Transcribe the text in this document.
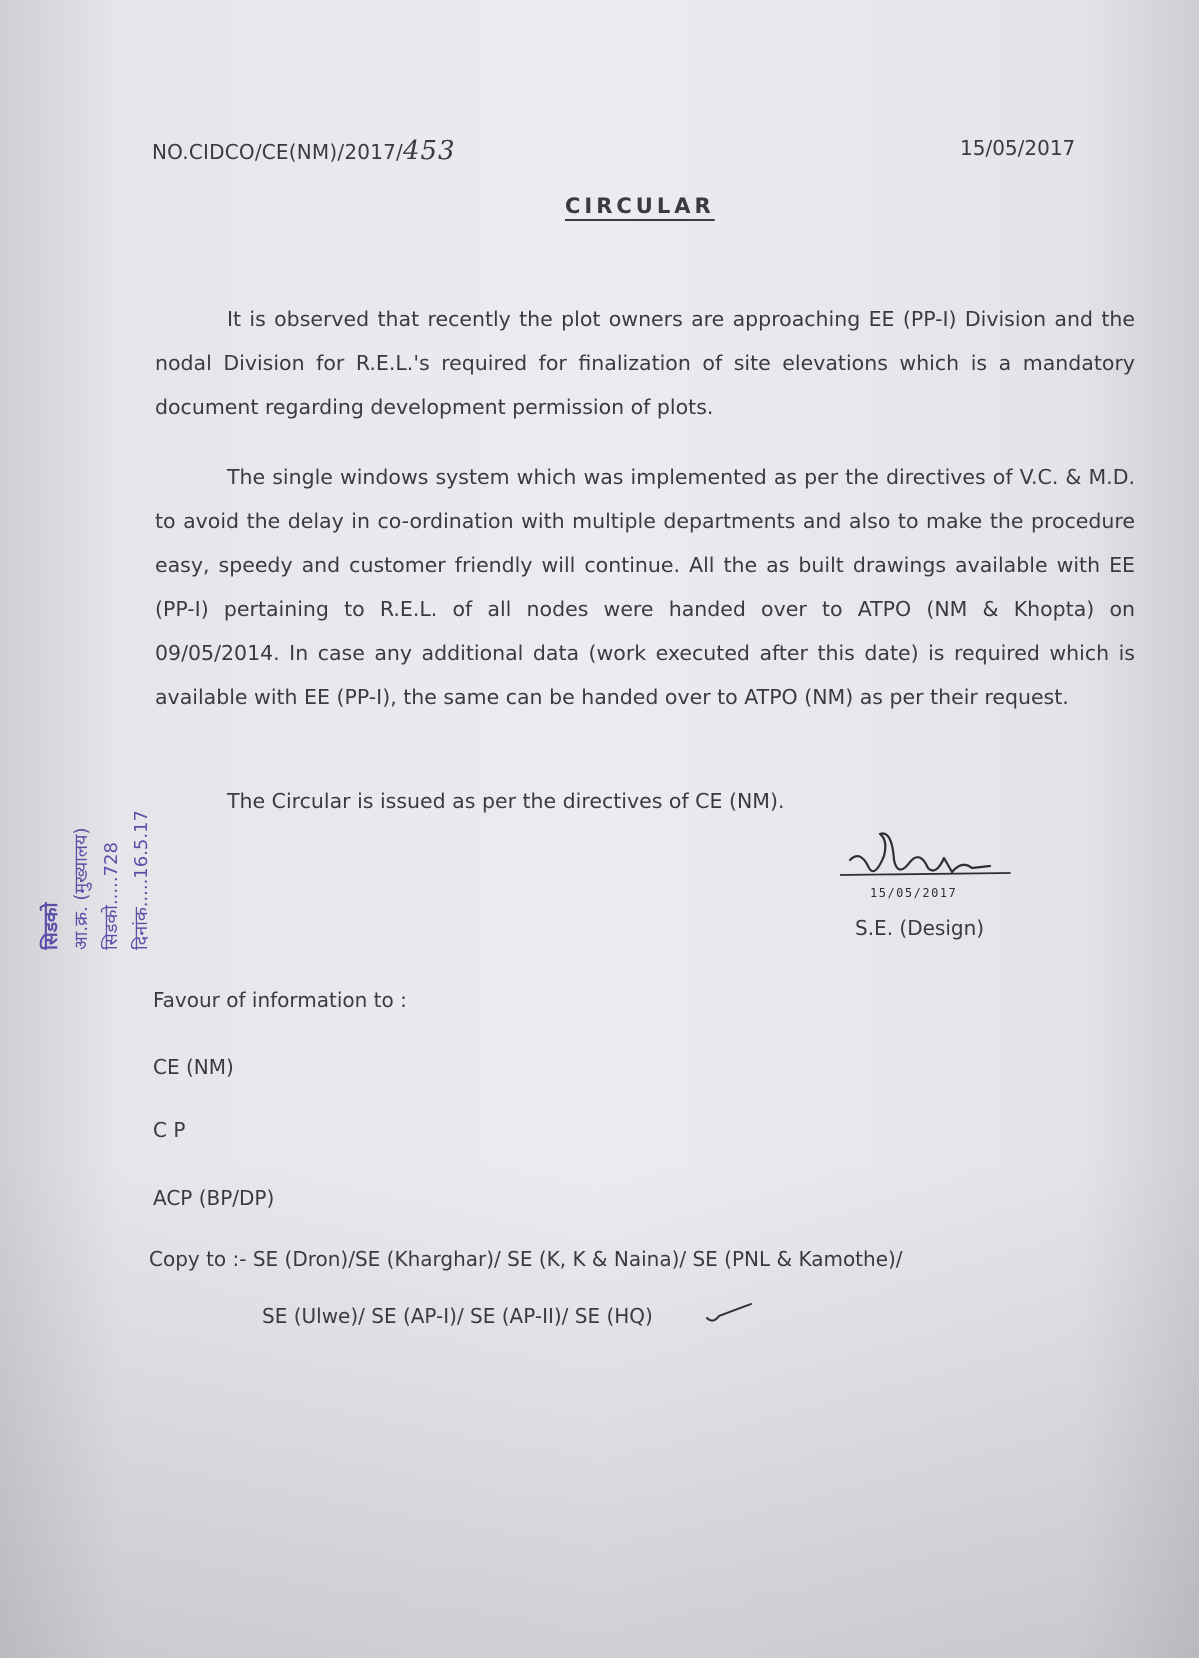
NO.CIDCO/CE(NM)/2017/453	15/05/2017
CIRCULAR

It is observed that recently the plot owners are approaching EE (PP-I) Division and the nodal Division for R.E.L.'s required for finalization of site elevations which is a mandatory document regarding development permission of plots.

The single windows system which was implemented as per the directives of V.C. & M.D. to avoid the delay in co-ordination with multiple departments and also to make the procedure easy, speedy and customer friendly will continue. All the as built drawings available with EE (PP-I) pertaining to R.E.L. of all nodes were handed over to ATPO (NM & Khopta) on 09/05/2014. In case any additional data (work executed after this date) is required which is available with EE (PP-I), the same can be handed over to ATPO (NM) as per their request.

The Circular is issued as per the directives of CE (NM).

सिडको आ.क्र. (मुख्यालय) सिडको.....728 दिनांक.....16.5.17	15/05/2017
S.E. (Design)
Favour of information to :
CE (NM)
C P
ACP (BP/DP)
Copy to :- SE (Dron)/SE (Kharghar)/ SE (K, K & Naina)/ SE (PNL & Kamothe)/
SE (Ulwe)/ SE (AP-I)/ SE (AP-II)/ SE (HQ)
